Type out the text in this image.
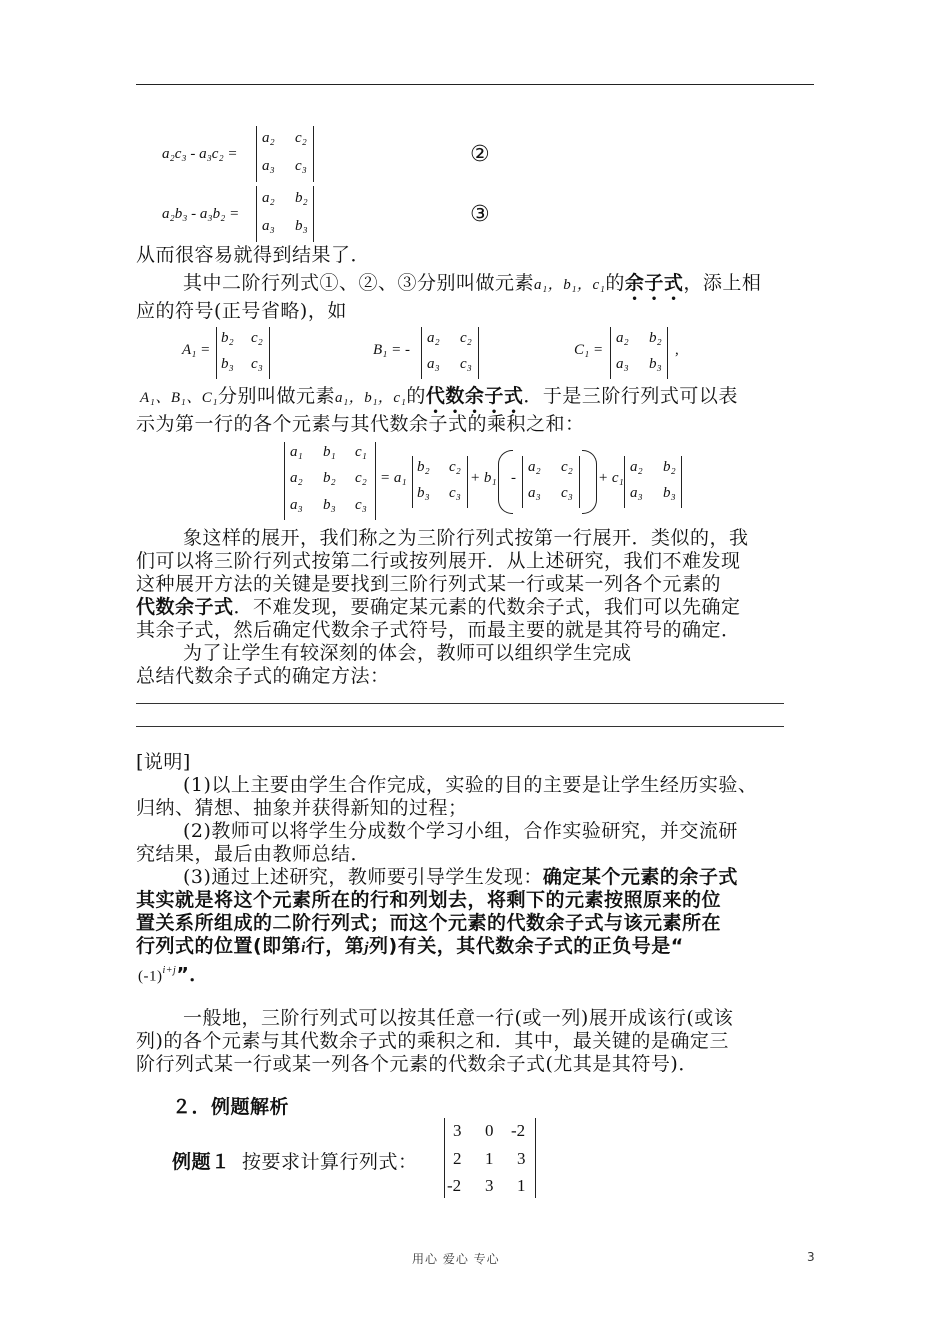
a₂c₃ - a₃c₂ =
a₂ c₂
a₃ c₃	②
a₂b₃ - a₃b₂ =
a₂ b₂
a₃ b₃	③
从而很容易就得到结果了．
其中二阶行列式①、②、③分别叫做元素a₁，b₁，c₁的余子式，添上相
应的符号(正号省略)，如
A₁ =
b₂ c₂
b₃ c₃
B₁ = -
a₂ c₂
a₃ c₃
C₁ =
a₂ b₂
a₃ b₃
,
A₁、B₁、C₁分别叫做元素a₁，b₁，c₁的代数余子式．于是三阶行列式可以表
示为第一行的各个元素与其代数余子式的乘积之和：
a₁ b₁ c₁
a₂ b₂ c₂
a₃ b₃ c₃
= a₁
b₂ c₂
b₃ c₃
+ b₁ -
a₂ c₂
a₃ c₃
+ c₁
a₂ b₂
a₃ b₃
象这样的展开，我们称之为三阶行列式按第一行展开．类似的，我
们可以将三阶行列式按第二行或按列展开．从上述研究，我们不难发现
这种展开方法的关键是要找到三阶行列式某一行或某一列各个元素的
代数余子式．不难发现，要确定某元素的代数余子式，我们可以先确定
其余子式，然后确定代数余子式符号，而最主要的就是其符号的确定．
为了让学生有较深刻的体会，教师可以组织学生完成
总结代数余子式的确定方法：
[说明]
(1)以上主要由学生合作完成，实验的目的主要是让学生经历实验、
归纳、猜想、抽象并获得新知的过程；
(2)教师可以将学生分成数个学习小组，合作实验研究，并交流研
究结果，最后由教师总结．
(3)通过上述研究，教师要引导学生发现：确定某个元素的余子式
其实就是将这个元素所在的行和列划去，将剩下的元素按照原来的位
置关系所组成的二阶行列式；而这个元素的代数余子式与该元素所在
行列式的位置(即第i行，第j列)有关，其代数余子式的正负号是“
$(-1)^{i+j}$”．
一般地，三阶行列式可以按其任意一行(或一列)展开成该行(或该
列)的各个元素与其代数余子式的乘积之和．其中，最关键的是确定三
阶行列式某一行或某一列各个元素的代数余子式(尤其是其符号)．
２．例题解析
例题１ 按要求计算行列式：
3 0 -2
2 1 3
-2 3 1
用心 爱心 专心	3
